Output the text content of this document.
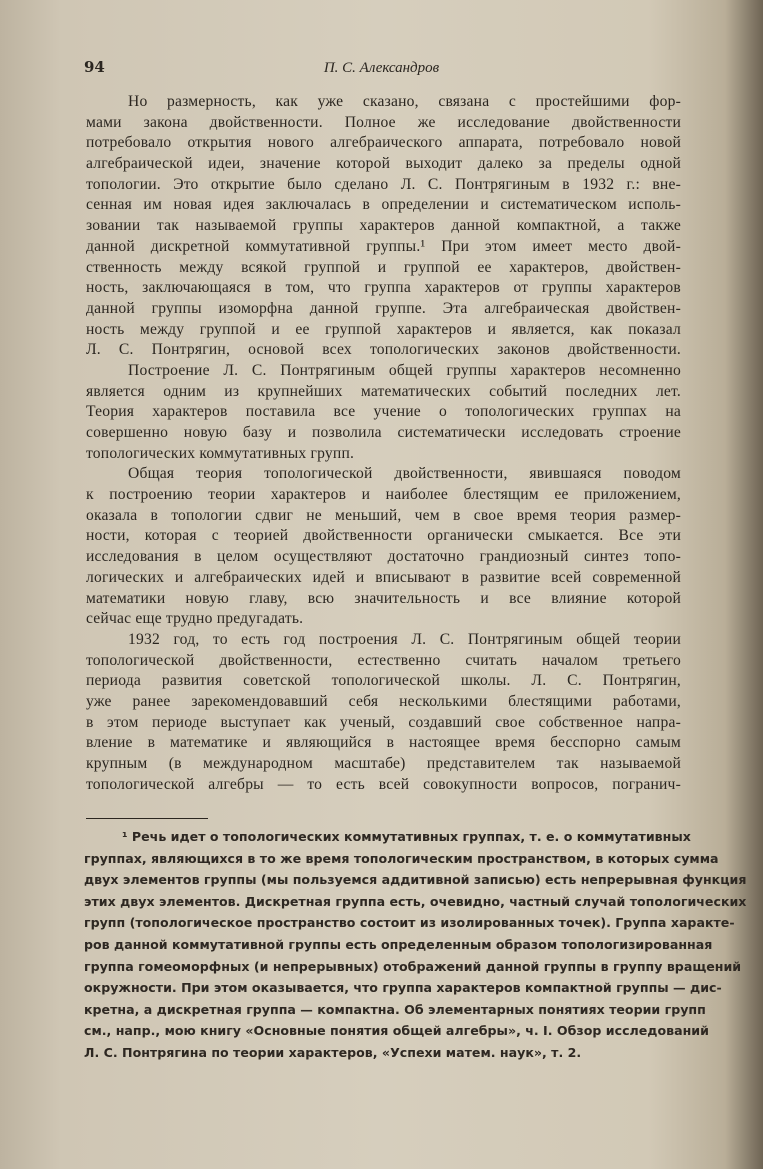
94	П. С. Александров
Но размерность, как уже сказано, связана с простейшими фор-
мами закона двойственности. Полное же исследование двойственности
потребовало открытия нового алгебраического аппарата, потребовало новой
алгебраической идеи, значение которой выходит далеко за пределы одной
топологии. Это открытие было сделано Л. С. Понтрягиным в 1932 г.: вне-
сенная им новая идея заключалась в определении и систематическом исполь-
зовании так называемой группы характеров данной компактной, а также
данной дискретной коммутативной группы.¹ При этом имеет место двой-
ственность между всякой группой и группой ее характеров, двойствен-
ность, заключающаяся в том, что группа характеров от группы характеров
данной группы изоморфна данной группе. Эта алгебраическая двойствен-
ность между группой и ее группой характеров и является, как показал
Л. С. Понтрягин, основой всех топологических законов двойственности.
Построение Л. С. Понтрягиным общей группы характеров несомненно
является одним из крупнейших математических событий последних лет.
Теория характеров поставила все учение о топологических группах на
совершенно новую базу и позволила систематически исследовать строение
топологических коммутативных групп.
Общая теория топологической двойственности, явившаяся поводом
к построению теории характеров и наиболее блестящим ее приложением,
оказала в топологии сдвиг не меньший, чем в свое время теория размер-
ности, которая с теорией двойственности органически смыкается. Все эти
исследования в целом осуществляют достаточно грандиозный синтез топо-
логических и алгебраических идей и вписывают в развитие всей современной
математики новую главу, всю значительность и все влияние которой
сейчас еще трудно предугадать.
1932 год, то есть год построения Л. С. Понтрягиным общей теории
топологической двойственности, естественно считать началом третьего
периода развития советской топологической школы. Л. С. Понтрягин,
уже ранее зарекомендовавший себя несколькими блестящими работами,
в этом периоде выступает как ученый, создавший свое собственное напра-
вление в математике и являющийся в настоящее время бесспорно самым
крупным (в международном масштабе) представителем так называемой
топологической алгебры — то есть всей совокупности вопросов, погранич-
¹ Речь идет о топологических коммутативных группах, т. е. о коммутативных
группах, являющихся в то же время топологическим пространством, в которых сумма
двух элементов группы (мы пользуемся аддитивной записью) есть непрерывная функция
этих двух элементов. Дискретная группа есть, очевидно, частный случай топологических
групп (топологическое пространство состоит из изолированных точек). Группа характе-
ров данной коммутативной группы есть определенным образом топологизированная
группа гомеоморфных (и непрерывных) отображений данной группы в группу вращений
окружности. При этом оказывается, что группа характеров компактной группы — дис-
кретна, а дискретная группа — компактна. Об элементарных понятиях теории групп
см., напр., мою книгу «Основные понятия общей алгебры», ч. I. Обзор исследований
Л. С. Понтрягина по теории характеров, «Успехи матем. наук», т. 2.
